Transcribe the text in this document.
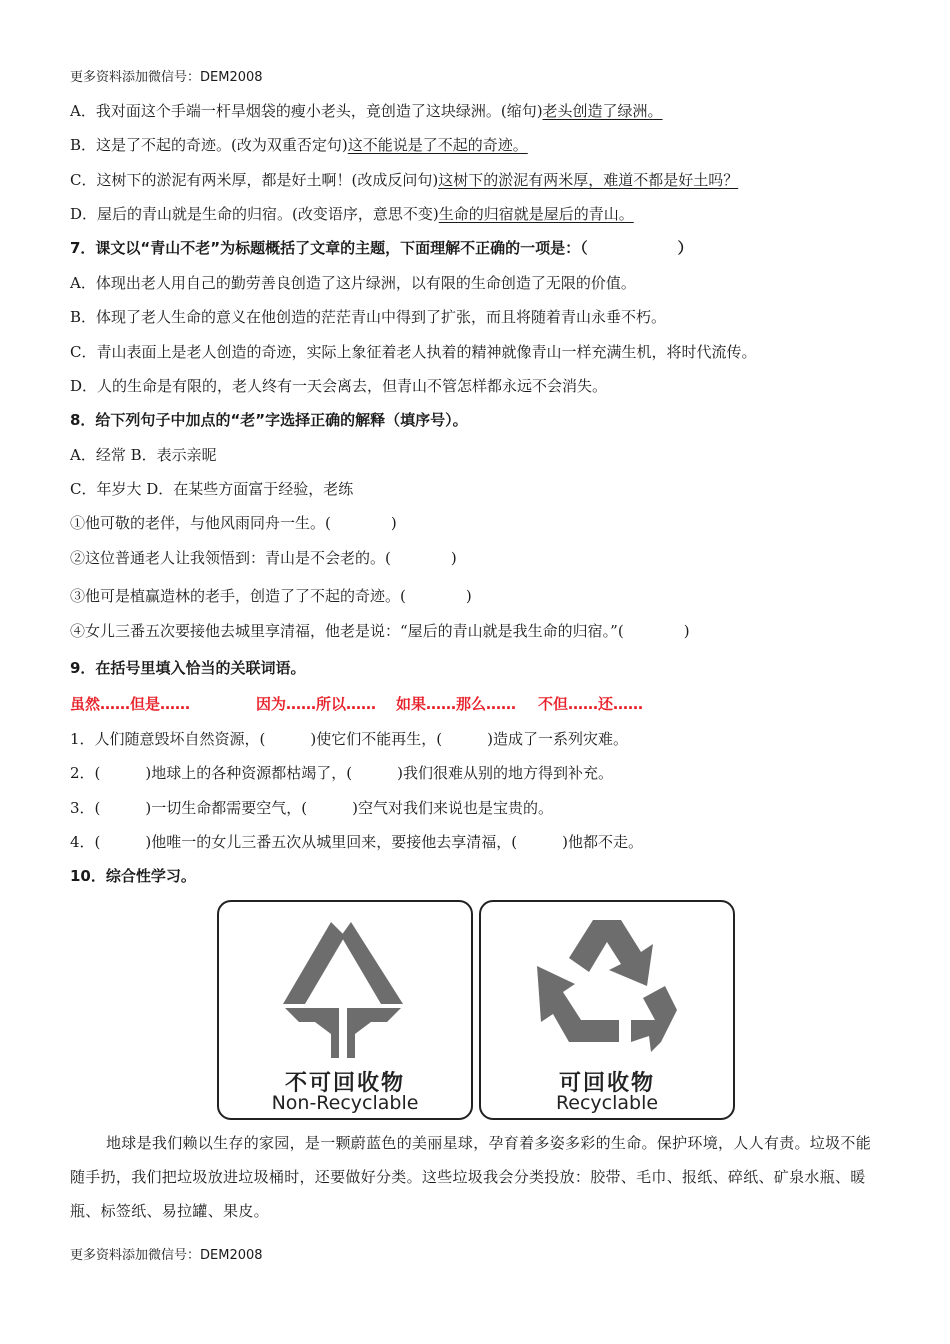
更多资料添加微信号：DEM2008
A．我对面这个手端一杆旱烟袋的瘦小老头，竟创造了这块绿洲。(缩句)老头创造了绿洲。
B．这是了不起的奇迹。(改为双重否定句)这不能说是了不起的奇迹。
C．这树下的淤泥有两米厚，都是好土啊！(改成反问句)这树下的淤泥有两米厚，难道不都是好土吗？
D．屋后的青山就是生命的归宿。(改变语序，意思不变)生命的归宿就是屋后的青山。
7．课文以“青山不老”为标题概括了文章的主题，下面理解不正确的一项是：（　　　　　　）
A．体现出老人用自己的勤劳善良创造了这片绿洲，以有限的生命创造了无限的价值。
B．体现了老人生命的意义在他创造的茫茫青山中得到了扩张，而且将随着青山永垂不朽。
C．青山表面上是老人创造的奇迹，实际上象征着老人执着的精神就像青山一样充满生机，将时代流传。
D．人的生命是有限的，老人终有一天会离去，但青山不管怎样都永远不会消失。
8．给下列句子中加点的“老”字选择正确的解释（填序号）。
A．经常 B．表示亲昵
C．年岁大 D．在某些方面富于经验，老练
①他可敬的老伴，与他风雨同舟一生。(　　　　)
②这位普通老人让我领悟到：青山是不会老的。(　　　　)
③他可是植赢造林的老手，创造了了不起的奇迹。(　　　　)
④女儿三番五次要接他去城里享清福，他老是说：“屋后的青山就是我生命的归宿。”(　　　　)
9．在括号里填入恰当的关联词语。
虽然……但是……	因为……所以…… 如果……那么…… 不但……还……
1．人们随意毁坏自然资源，(　　　)使它们不能再生，(　　　)造成了一系列灾难。
2．(　　　)地球上的各种资源都枯竭了，(　　　)我们很难从别的地方得到补充。
3．(　　　)一切生命都需要空气，(　　　)空气对我们来说也是宝贵的。
4．(　　　)他唯一的女儿三番五次从城里回来，要接他去享清福，(　　　)他都不走。
10．综合性学习。
不可回收物
Non-Recyclable
可回收物
Recyclable
地球是我们赖以生存的家园，是一颗蔚蓝色的美丽星球，孕育着多姿多彩的生命。保护环境，人人有责。垃圾不能随手扔，我们把垃圾放进垃圾桶时，还要做好分类。这些垃圾我会分类投放：胶带、毛巾、报纸、碎纸、矿泉水瓶、暖瓶、标签纸、易拉罐、果皮。
更多资料添加微信号：DEM2008
